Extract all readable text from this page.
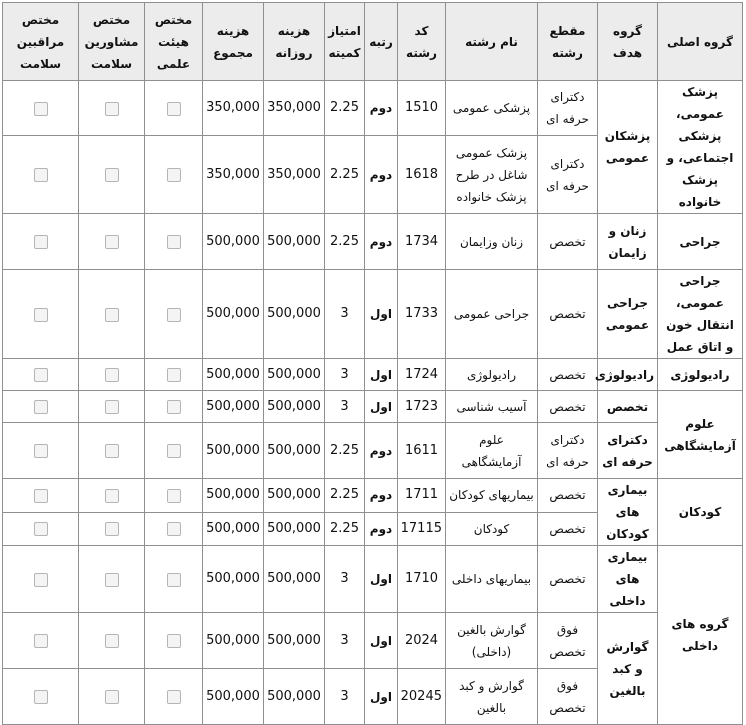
گروه اصلی	گروه هدف	مقطع رشته	نام رشته	کد رشته	رتبه	امتیاز کمیته	هزینه روزانه	هزینه مجموع	مختص هیئت علمی	مختص مشاورین سلامت	مختص مراقبین سلامت
پزشک عمومی، پزشکی اجتماعی، و پزشک خانواده	پزشکان عمومی	دکترای حرفه ای	پزشکی عمومی	1510	دوم	2.25	350,000	350,000			
		دکترای حرفه ای	پزشک عمومی شاغل در طرح پزشک خانواده	1618	دوم	2.25	350,000	350,000			
جراحی	زنان و زایمان	تخصص	زنان وزایمان	1734	دوم	2.25	500,000	500,000			
جراحی عمومی، انتقال خون و اتاق عمل	جراحی عمومی	تخصص	جراحی عمومی	1733	اول	3	500,000	500,000			
رادیولوژی	رادیولوژی	تخصص	رادیولوژی	1724	اول	3	500,000	500,000			
علوم آزمایشگاهی	تخصص	تخصص	آسیب شناسی	1723	اول	3	500,000	500,000			
	دکترای حرفه ای	دکترای حرفه ای	علوم آزمایشگاهی	1611	دوم	2.25	500,000	500,000			
کودکان	بیماری های کودکان	تخصص	بیماریهای کودکان	1711	دوم	2.25	500,000	500,000			
		تخصص	کودکان	17115	دوم	2.25	500,000	500,000			
گروه های داخلی	بیماری های داخلی	تخصص	بیماریهای داخلی	1710	اول	3	500,000	500,000			
	گوارش و کبد بالغین	فوق تخصص	گوارش بالغین (داخلی)	2024	اول	3	500,000	500,000			
		فوق تخصص	گوارش و کبد بالغین	20245	اول	3	500,000	500,000			
